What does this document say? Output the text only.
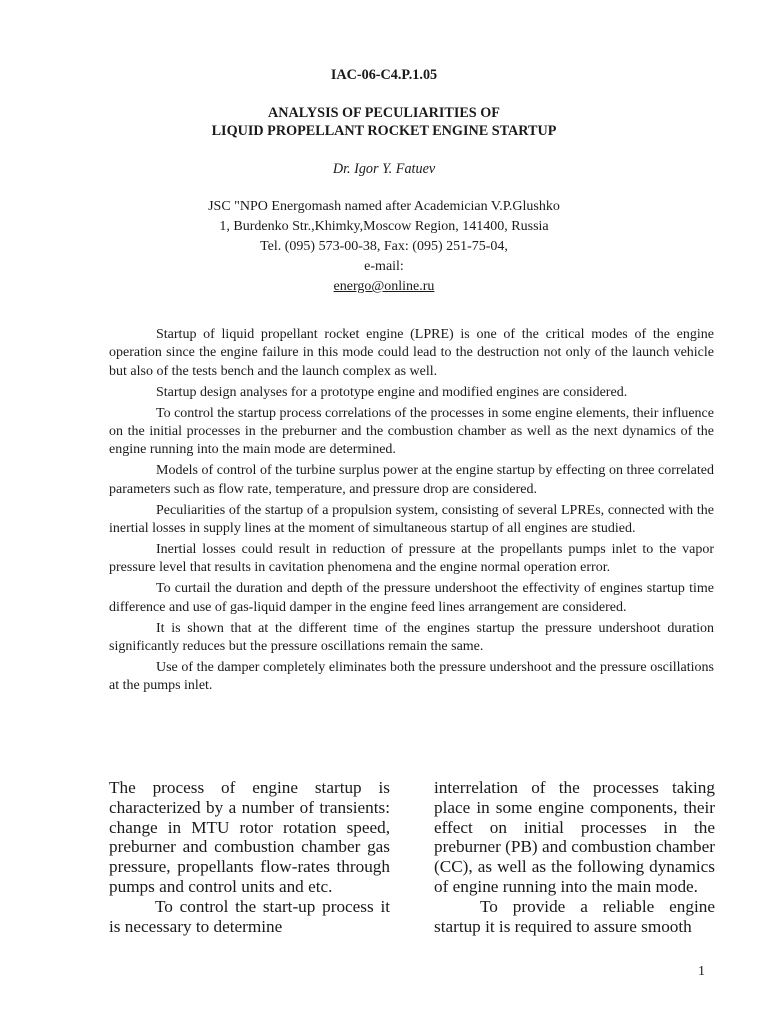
IAC-06-C4.P.1.05
ANALYSIS OF PECULIARITIES OF
LIQUID PROPELLANT ROCKET ENGINE STARTUP
Dr. Igor Y. Fatuev
JSC "NPO Energomash named after Academician V.P.Glushko
1, Burdenko Str.,Khimky,Moscow Region, 141400, Russia
Tel. (095) 573-00-38, Fax: (095) 251-75-04,
e-mail:
energo@online.ru

Startup of liquid propellant rocket engine (LPRE) is one of the critical modes of the engine operation since the engine failure in this mode could lead to the destruction not only of the launch vehicle but also of the tests bench and the launch complex as well.

Startup design analyses for a prototype engine and modified engines are considered.

To control the startup process correlations of the processes in some engine elements, their influence on the initial processes in the preburner and the combustion chamber as well as the next dynamics of the engine running into the main mode are determined.

Models of control of the turbine surplus power at the engine startup by effecting on three correlated parameters such as flow rate, temperature, and pressure drop are considered.

Peculiarities of the startup of a propulsion system, consisting of several LPREs, connected with the inertial losses in supply lines at the moment of simultaneous startup of all engines are studied.

Inertial losses could result in reduction of pressure at the propellants pumps inlet to the vapor pressure level that results in cavitation phenomena and the engine normal operation error.

To curtail the duration and depth of the pressure undershoot the effectivity of engines startup time difference and use of gas-liquid damper in the engine feed lines arrangement are considered.

It is shown that at the different time of the engines startup the pressure undershoot duration significantly reduces but the pressure oscillations remain the same.

Use of the damper completely eliminates both the pressure undershoot and the pressure oscillations at the pumps inlet.

The process of engine startup is characterized by a number of transients: change in MTU rotor rotation speed, preburner and combustion chamber gas pressure, propellants flow-rates through pumps and control units and etc.

To control the start-up process it is necessary to determine

interrelation of the processes taking place in some engine components, their effect on initial processes in the preburner (PB) and combustion chamber (CC), as well as the following dynamics of engine running into the main mode.

To provide a reliable engine startup it is required to assure smooth

1
